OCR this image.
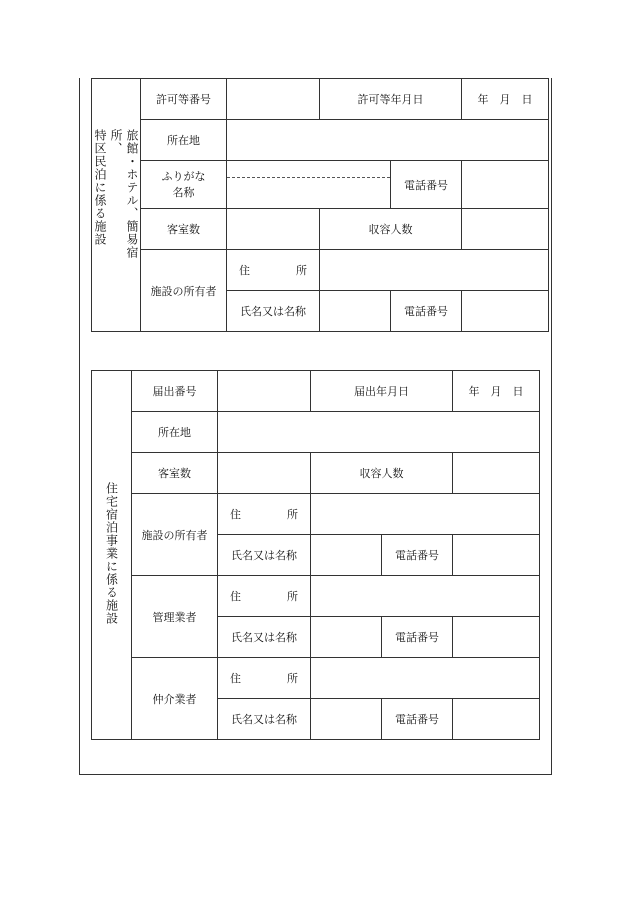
旅館・ホテル、簡易宿所、
特区民泊に係る施設	許可等番号		許可等年月日		年　月　日
	所在地				

	ふりがな
名称			電話番号	
	客室数		収容人数		
	施設の所有者	住 所			

		氏名又は名称		電話番号	
住宅宿泊事業に係る施設	届出番号		届出年月日		年　月　日
	所在地				
	客室数		収容人数		
	施設の所有者	住 所			

		氏名又は名称		電話番号	
	管理業者	住 所			

		氏名又は名称		電話番号	
	仲介業者	住 所			

		氏名又は名称		電話番号	
